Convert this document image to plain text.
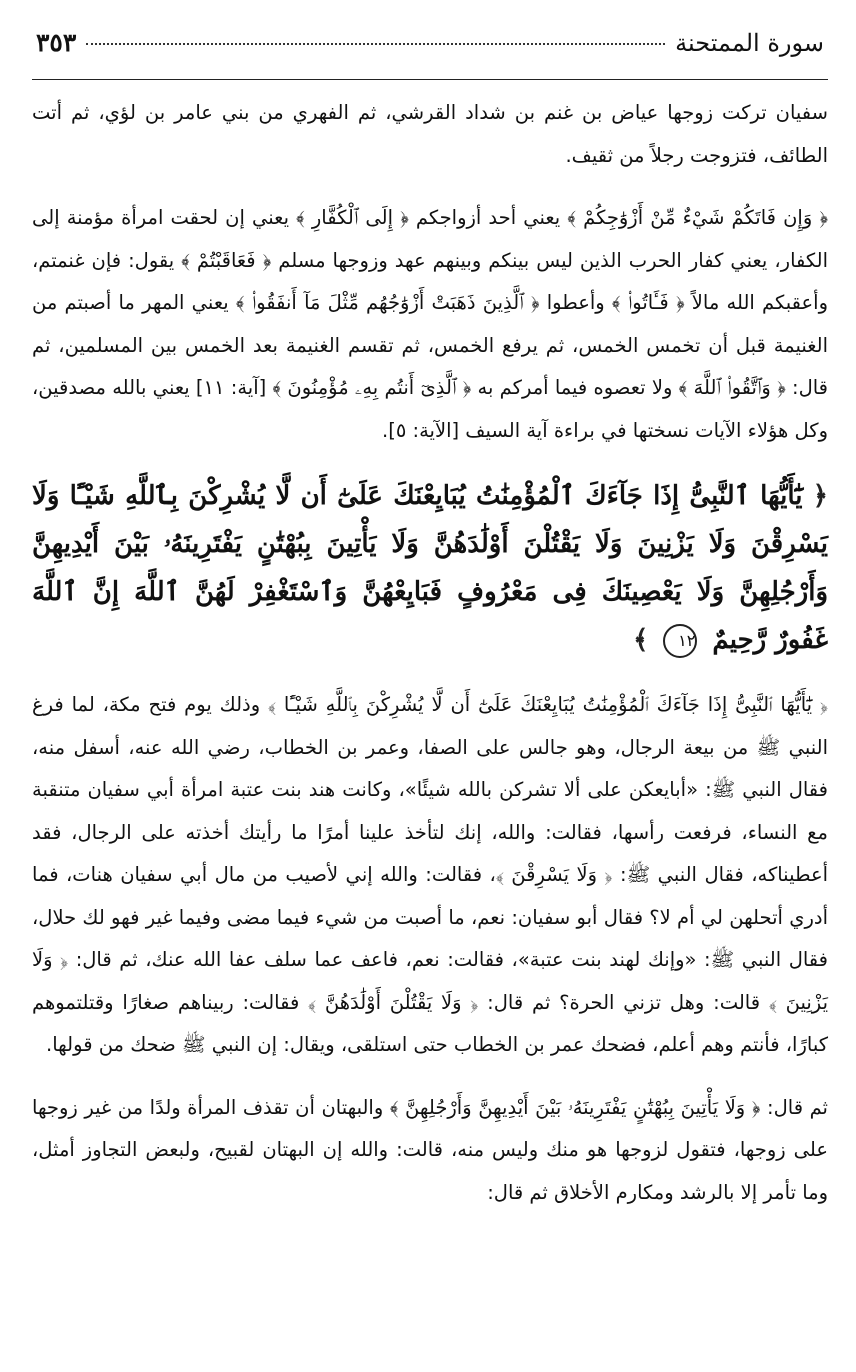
سورة الممتحنة
٣٥٣

سفيان تركت زوجها عياض بن غنم بن شداد القرشي، ثم الفهري من بني عامر بن لؤي، ثم أتت الطائف، فتزوجت رجلاً من ثقيف.

﴿ وَإِن فَاتَكُمْ شَيْءٌ مِّنْ أَزْوَٰجِكُمْ ﴾ يعني أحد أزواجكم ﴿ إِلَى ٱلْكُفَّارِ ﴾ يعني إن لحقت امرأة مؤمنة إلى الكفار، يعني كفار الحرب الذين ليس بينكم وبينهم عهد وزوجها مسلم ﴿ فَعَاقَبْتُمْ ﴾ يقول: فإن غنمتم، وأعقبكم الله مالاً ﴿ فَـَٔاتُوا۟ ﴾ وأعطوا ﴿ ٱلَّذِينَ ذَهَبَتْ أَزْوَٰجُهُم مِّثْلَ مَآ أَنفَقُوا۟ ﴾ يعني المهر ما أصبتم من الغنيمة قبل أن تخمس الخمس، ثم يرفع الخمس، ثم تقسم الغنيمة بعد الخمس بين المسلمين، ثم قال: ﴿ وَٱتَّقُوا۟ ٱللَّهَ ﴾ ولا تعصوه فيما أمركم به ﴿ ٱلَّذِىٓ أَنتُم بِهِۦ مُؤْمِنُونَ ﴾ [آية: ١١] يعني بالله مصدقين، وكل هؤلاء الآيات نسختها في براءة آية السيف [الآية: ٥].

﴿ يَٰٓأَيُّهَا ٱلنَّبِىُّ إِذَا جَآءَكَ ٱلْمُؤْمِنَٰتُ يُبَايِعْنَكَ عَلَىٰٓ أَن لَّا يُشْرِكْنَ بِٱللَّهِ شَيْـًٔا وَلَا يَسْرِقْنَ وَلَا يَزْنِينَ وَلَا يَقْتُلْنَ أَوْلَٰدَهُنَّ وَلَا يَأْتِينَ بِبُهْتَٰنٍ يَفْتَرِينَهُۥ بَيْنَ أَيْدِيهِنَّ وَأَرْجُلِهِنَّ وَلَا يَعْصِينَكَ فِى مَعْرُوفٍ فَبَايِعْهُنَّ وَٱسْتَغْفِرْ لَهُنَّ ٱللَّهَ إِنَّ ٱللَّهَ غَفُورٌ رَّحِيمٌ ١٢ ﴾

﴿ يَٰٓأَيُّهَا ٱلنَّبِىُّ إِذَا جَآءَكَ ٱلْمُؤْمِنَٰتُ يُبَايِعْنَكَ عَلَىٰٓ أَن لَّا يُشْرِكْنَ بِٱللَّهِ شَيْـًٔا ﴾ وذلك يوم فتح مكة، لما فرغ النبي ﷺ من بيعة الرجال، وهو جالس على الصفا، وعمر بن الخطاب، رضي الله عنه، أسفل منه، فقال النبي ﷺ: «أبايعكن على ألا تشركن بالله شيئًا»، وكانت هند بنت عتبة امرأة أبي سفيان متنقبة مع النساء، فرفعت رأسها، فقالت: والله، إنك لتأخذ علينا أمرًا ما رأيتك أخذته على الرجال، فقد أعطيناكه، فقال النبي ﷺ: ﴿ وَلَا يَسْرِقْنَ ﴾، فقالت: والله إني لأصيب من مال أبي سفيان هنات، فما أدري أتحلهن لي أم لا؟ فقال أبو سفيان: نعم، ما أصبت من شيء فيما مضى وفيما غير فهو لك حلال، فقال النبي ﷺ: «وإنك لهند بنت عتبة»، فقالت: نعم، فاعف عما سلف عفا الله عنك، ثم قال: ﴿ وَلَا يَزْنِينَ ﴾ قالت: وهل تزني الحرة؟ ثم قال: ﴿ وَلَا يَقْتُلْنَ أَوْلَٰدَهُنَّ ﴾ فقالت: ربيناهم صغارًا وقتلتموهم كبارًا، فأنتم وهم أعلم، فضحك عمر بن الخطاب حتى استلقى، ويقال: إن النبي ﷺ ضحك من قولها.

ثم قال: ﴿ وَلَا يَأْتِينَ بِبُهْتَٰنٍ يَفْتَرِينَهُۥ بَيْنَ أَيْدِيهِنَّ وَأَرْجُلِهِنَّ ﴾ والبهتان أن تقذف المرأة ولدًا من غير زوجها على زوجها، فتقول لزوجها هو منك وليس منه، قالت: والله إن البهتان لقبيح، ولبعض التجاوز أمثل، وما تأمر إلا بالرشد ومكارم الأخلاق ثم قال:
